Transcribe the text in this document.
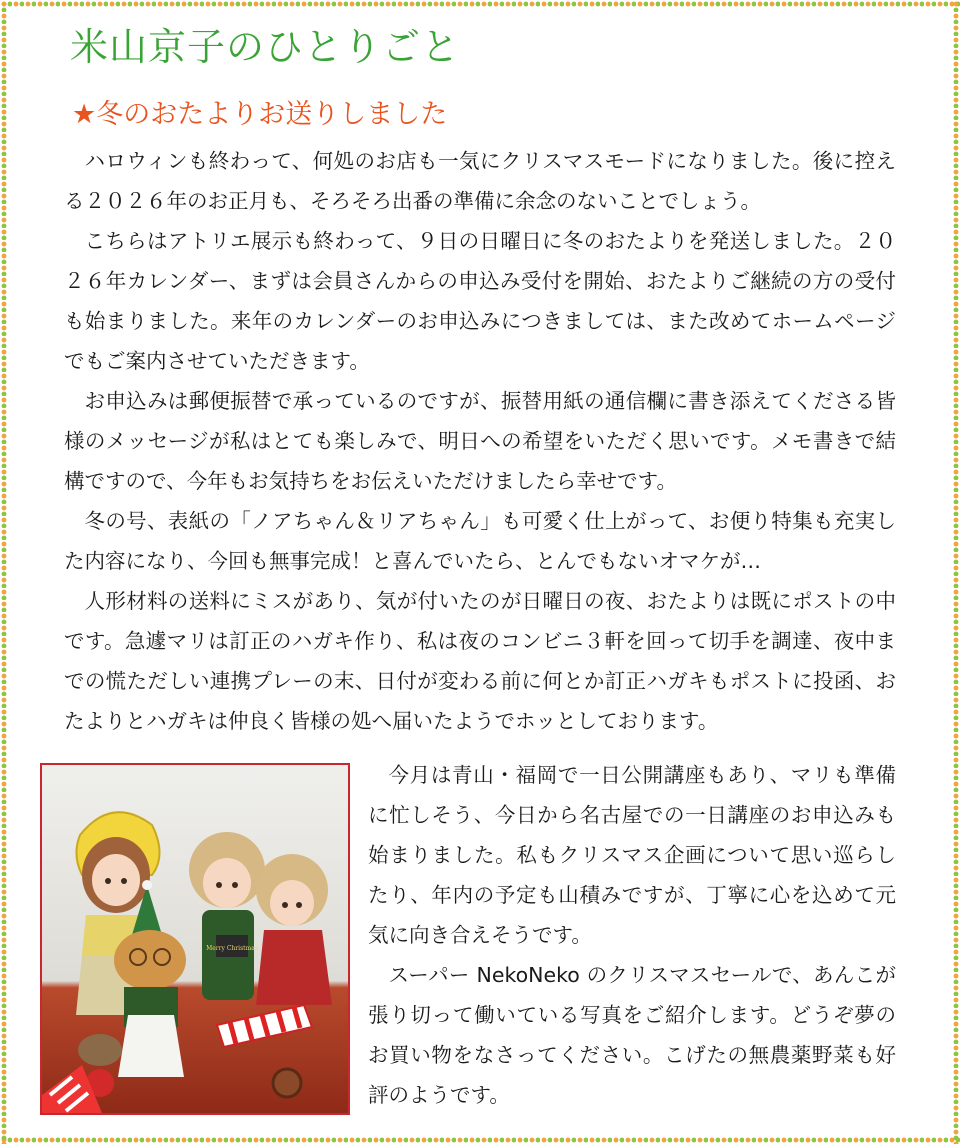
米山京子のひとりごと
★冬のおたよりお送りしました

ハロウィンも終わって、何処のお店も一気にクリスマスモードになりました。後に控える２０２６年のお正月も、そろそろ出番の準備に余念のないことでしょう。

こちらはアトリエ展示も終わって、９日の日曜日に冬のおたよりを発送しました。２０２６年カレンダー、まずは会員さんからの申込み受付を開始、おたよりご継続の方の受付も始まりました。来年のカレンダーのお申込みにつきましては、また改めてホームページでもご案内させていただきます。

お申込みは郵便振替で承っているのですが、振替用紙の通信欄に書き添えてくださる皆様のメッセージが私はとても楽しみで、明日への希望をいただく思いです。メモ書きで結構ですので、今年もお気持ちをお伝えいただけましたら幸せです。

冬の号、表紙の「ノアちゃん＆リアちゃん」も可愛く仕上がって、お便り特集も充実した内容になり、今回も無事完成！と喜んでいたら、とんでもないオマケが…

人形材料の送料にミスがあり、気が付いたのが日曜日の夜、おたよりは既にポストの中です。急遽マリは訂正のハガキ作り、私は夜のコンビニ３軒を回って切手を調達、夜中までの慌ただしい連携プレーの末、日付が変わる前に何とか訂正ハガキもポストに投函、おたよりとハガキは仲良く皆様の処へ届いたようでホッとしております。

Merry Christmas

今月は青山・福岡で一日公開講座もあり、マリも準備に忙しそう、今日から名古屋での一日講座のお申込みも始まりました。私もクリスマス企画について思い巡らしたり、年内の予定も山積みですが、丁寧に心を込めて元気に向き合えそうです。

スーパー NekoNeko のクリスマスセールで、あんこが張り切って働いている写真をご紹介します。どうぞ夢のお買い物をなさってください。こげたの無農薬野菜も好評のようです。
